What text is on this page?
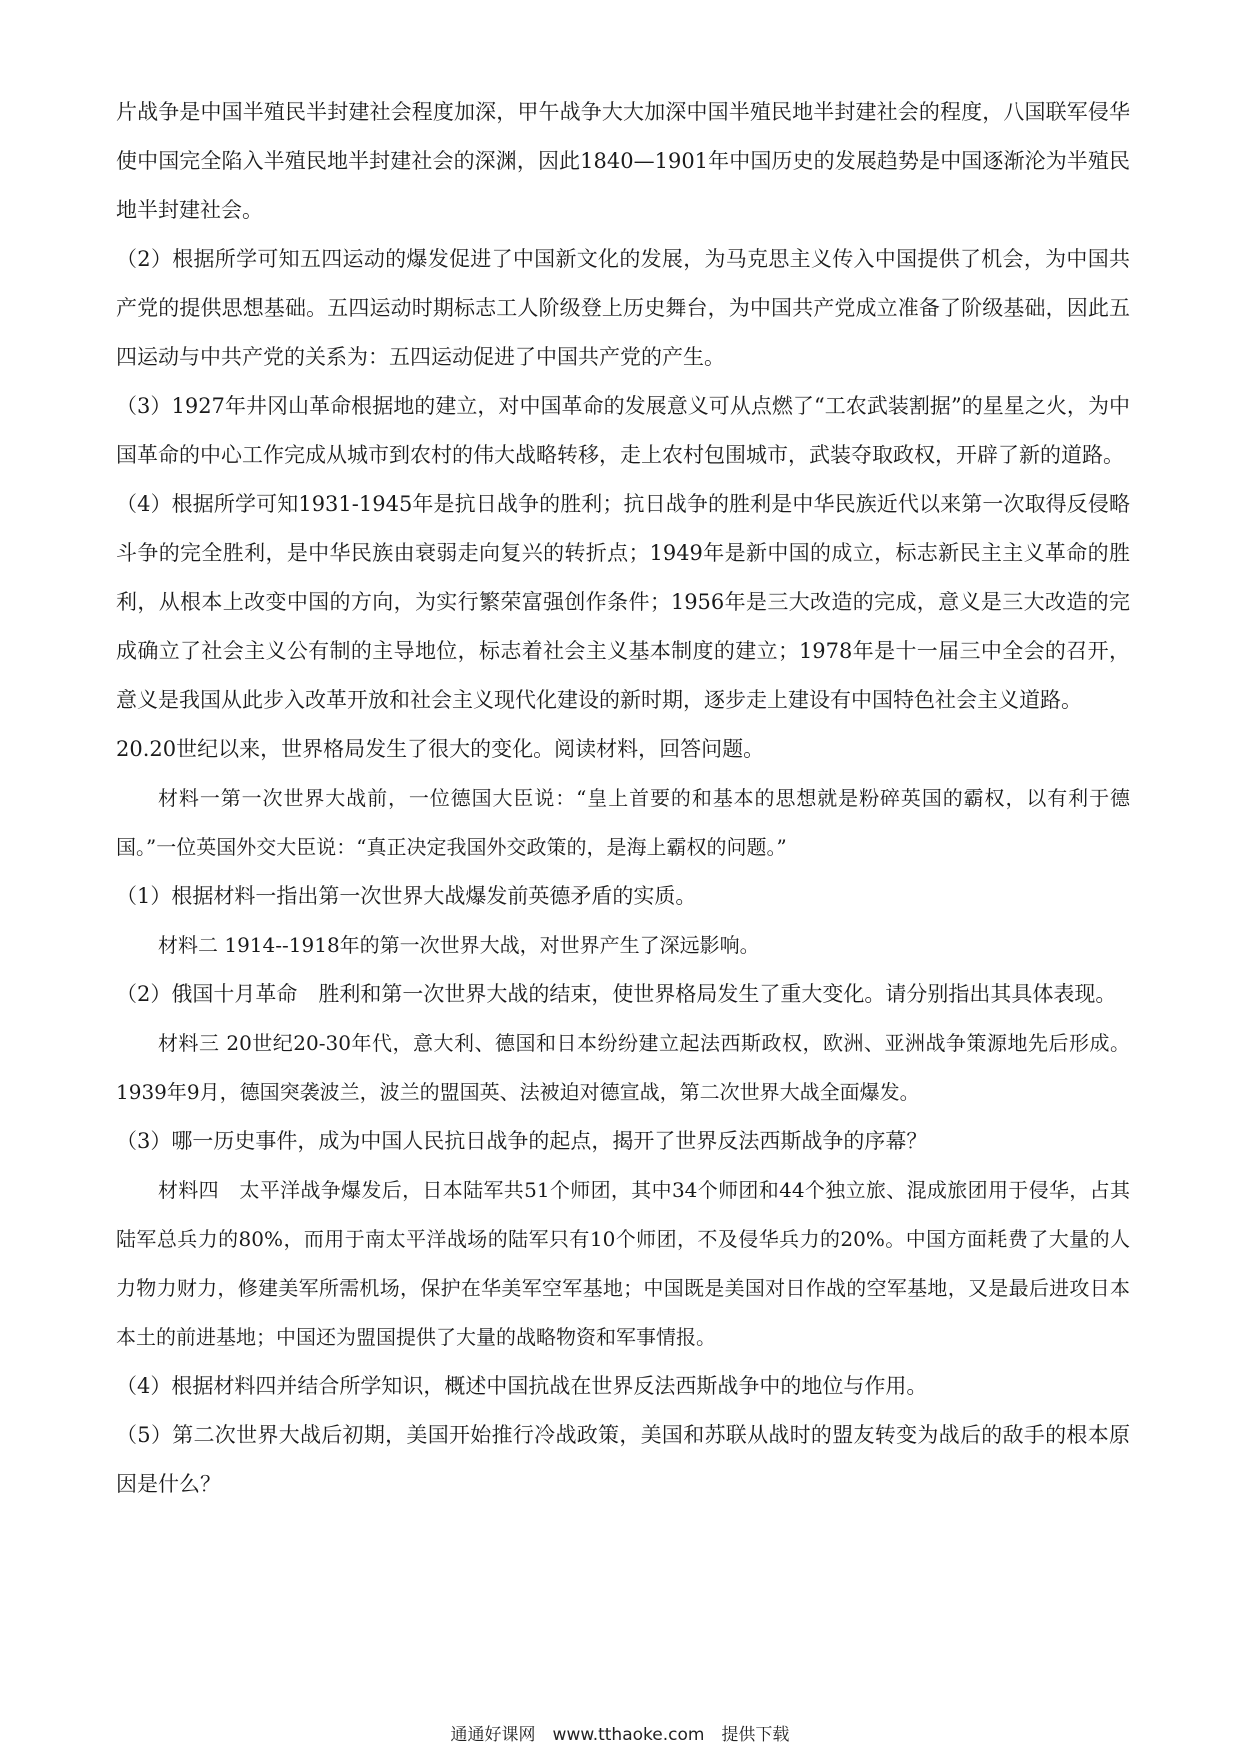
片战争是中国半殖民半封建社会程度加深，甲午战争大大加深中国半殖民地半封建社会的程度，八国联军侵华使中国完全陷入半殖民地半封建社会的深渊，因此1840—1901年中国历史的发展趋势是中国逐渐沦为半殖民地半封建社会。

（2）根据所学可知五四运动的爆发促进了中国新文化的发展，为马克思主义传入中国提供了机会，为中国共产党的提供思想基础。五四运动时期标志工人阶级登上历史舞台，为中国共产党成立准备了阶级基础，因此五四运动与中共产党的关系为：五四运动促进了中国共产党的产生。

（3）1927年井冈山革命根据地的建立，对中国革命的发展意义可从点燃了“工农武装割据”的星星之火，为中国革命的中心工作完成从城市到农村的伟大战略转移，走上农村包围城市，武装夺取政权，开辟了新的道路。

（4）根据所学可知1931-1945年是抗日战争的胜利；抗日战争的胜利是中华民族近代以来第一次取得反侵略斗争的完全胜利，是中华民族由衰弱走向复兴的转折点；1949年是新中国的成立，标志新民主主义革命的胜利，从根本上改变中国的方向，为实行繁荣富强创作条件；1956年是三大改造的完成，意义是三大改造的完成确立了社会主义公有制的主导地位，标志着社会主义基本制度的建立；1978年是十一届三中全会的召开，意义是我国从此步入改革开放和社会主义现代化建设的新时期，逐步走上建设有中国特色社会主义道路。

20.20世纪以来，世界格局发生了很大的变化。阅读材料，回答问题。

材料一第一次世界大战前，一位德国大臣说：“皇上首要的和基本的思想就是粉碎英国的霸权，以有利于德国。”一位英国外交大臣说：“真正决定我国外交政策的，是海上霸权的问题。”

（1）根据材料一指出第一次世界大战爆发前英德矛盾的实质。

材料二 1914--1918年的第一次世界大战，对世界产生了深远影响。

（2）俄国十月革命　胜利和第一次世界大战的结束，使世界格局发生了重大变化。请分别指出其具体表现。

材料三 20世纪20-30年代，意大利、德国和日本纷纷建立起法西斯政权，欧洲、亚洲战争策源地先后形成。1939年9月，德国突袭波兰，波兰的盟国英、法被迫对德宣战，第二次世界大战全面爆发。

（3）哪一历史事件，成为中国人民抗日战争的起点，揭开了世界反法西斯战争的序幕？

材料四　太平洋战争爆发后，日本陆军共51个师团，其中34个师团和44个独立旅、混成旅团用于侵华，占其陆军总兵力的80%，而用于南太平洋战场的陆军只有10个师团，不及侵华兵力的20%。中国方面耗费了大量的人力物力财力，修建美军所需机场，保护在华美军空军基地；中国既是美国对日作战的空军基地，又是最后进攻日本本土的前进基地；中国还为盟国提供了大量的战略物资和军事情报。

（4）根据材料四并结合所学知识，概述中国抗战在世界反法西斯战争中的地位与作用。

（5）第二次世界大战后初期，美国开始推行冷战政策，美国和苏联从战时的盟友转变为战后的敌手的根本原因是什么？

通通好课网　www.tthaoke.com　提供下载
